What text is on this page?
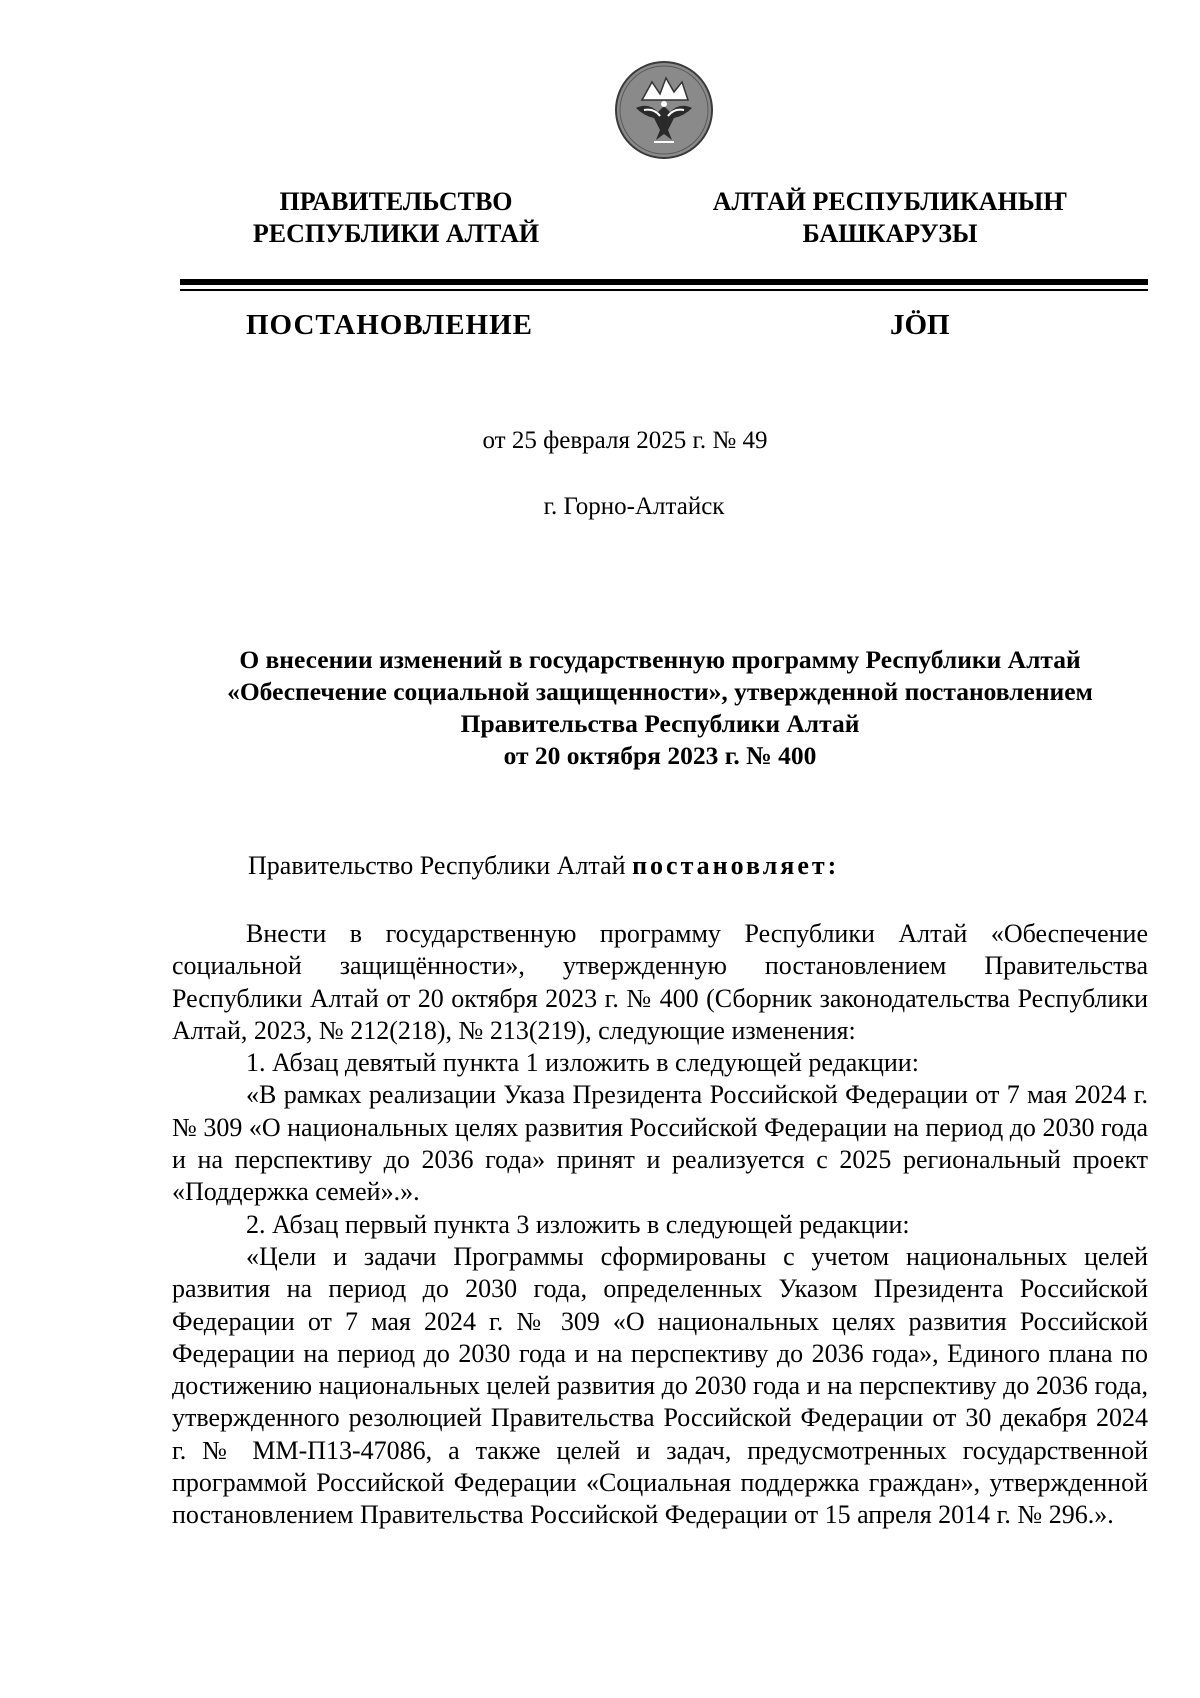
ПРАВИТЕЛЬСТВО
РЕСПУБЛИКИ АЛТАЙ
АЛТАЙ РЕСПУБЛИКАНЫҤ
БАШКАРУЗЫ
ПОСТАНОВЛЕНИЕ	JÖП
от 25 февраля 2025 г. № 49
г. Горно-Алтайск
О внесении изменений в государственную программу Республики Алтай
«Обеспечение социальной защищенности», утвержденной постановлением
Правительства Республики Алтай
от 20 октября 2023 г. № 400
Правительство Республики Алтай постановляет:

Внести в государственную программу Республики Алтай «Обеспечение социальной защищённости», утвержденную постановлением Правительства Республики Алтай от 20 октября 2023 г. № 400 (Сборник законодательства Республики Алтай, 2023, № 212(218), № 213(219), следующие изменения:

1. Абзац девятый пункта 1 изложить в следующей редакции:

«В рамках реализации Указа Президента Российской Федерации от 7 мая 2024 г. № 309 «О национальных целях развития Российской Федерации на период до 2030 года и на перспективу до 2036 года» принят и реализуется с 2025 региональный проект «Поддержка семей».».

2. Абзац первый пункта 3 изложить в следующей редакции:

«Цели и задачи Программы сформированы с учетом национальных целей развития на период до 2030 года, определенных Указом Президента Российской Федерации от 7 мая 2024 г. № 309 «О национальных целях развития Российской Федерации на период до 2030 года и на перспективу до 2036 года», Единого плана по достижению национальных целей развития до 2030 года и на перспективу до 2036 года, утвержденного резолюцией Правительства Российской Федерации от 30 декабря 2024 г. № ММ-П13-47086, а также целей и задач, предусмотренных государственной программой Российской Федерации «Социальная поддержка граждан», утвержденной постановлением Правительства Российской Федерации от 15 апреля 2014 г. № 296.».
